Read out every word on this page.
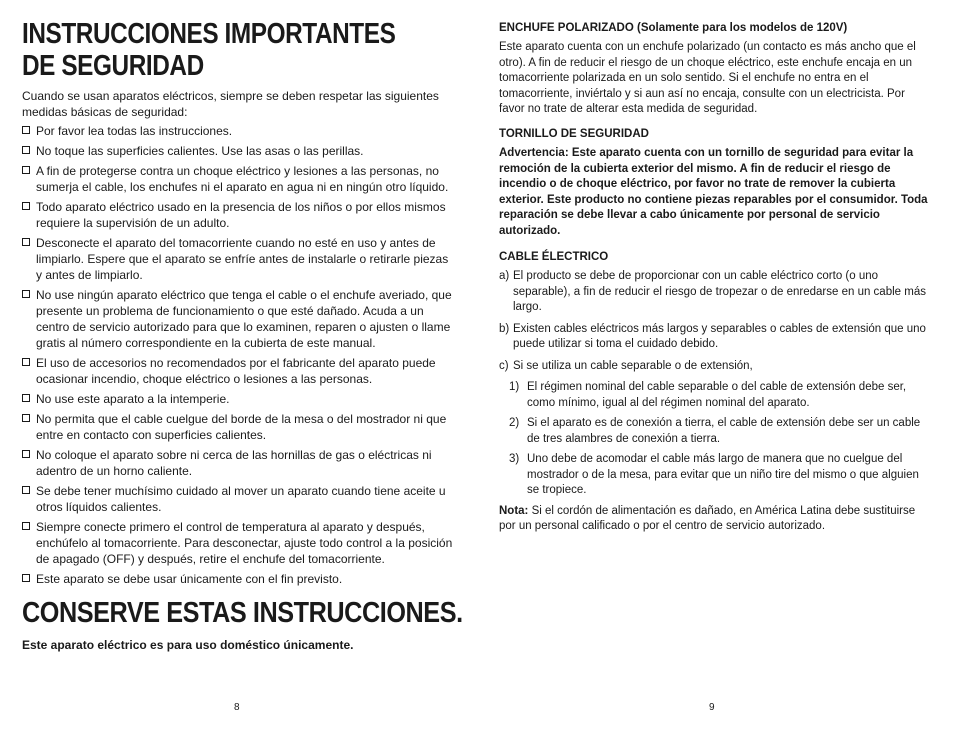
INSTRUCCIONES IMPORTANTES
DE SEGURIDAD

Cuando se usan aparatos eléctricos, siempre se deben respetar las siguientes medidas básicas de seguridad:

Por favor lea todas las instrucciones.
No toque las superficies calientes. Use las asas o las perillas.
A fin de protegerse contra un choque eléctrico y lesiones a las personas, no sumerja el cable, los enchufes ni el aparato en agua ni en ningún otro líquido.
Todo aparato eléctrico usado en la presencia de los niños o por ellos mismos requiere la supervisión de un adulto.
Desconecte el aparato del tomacorriente cuando no esté en uso y antes de limpiarlo. Espere que el aparato se enfríe antes de instalarle o retirarle piezas y antes de limpiarlo.
No use ningún aparato eléctrico que tenga el cable o el enchufe averiado, que presente un problema de funcionamiento o que esté dañado. Acuda a un centro de servicio autorizado para que lo examinen, reparen o ajusten o llame gratis al número correspondiente en la cubierta de este manual.
El uso de accesorios no recomendados por el fabricante del aparato puede ocasionar incendio, choque eléctrico o lesiones a las personas.
No use este aparato a la intemperie.
No permita que el cable cuelgue del borde de la mesa o del mostrador ni que entre en contacto con superficies calientes.
No coloque el aparato sobre ni cerca de las hornillas de gas o eléctricas ni adentro de un horno caliente.
Se debe tener muchísimo cuidado al mover un aparato cuando tiene aceite u otros líquidos calientes.
Siempre conecte primero el control de temperatura al aparato y después, enchúfelo al tomacorriente. Para desconectar, ajuste todo control a la posición de apagado (OFF) y después, retire el enchufe del tomacorriente.
Este aparato se debe usar únicamente con el fin previsto.
CONSERVE ESTAS INSTRUCCIONES.
Este aparato eléctrico es para uso doméstico únicamente.
8

ENCHUFE POLARIZADO (Solamente para los modelos de 120V)

Este aparato cuenta con un enchufe polarizado (un contacto es más ancho que el otro). A fin de reducir el riesgo de un choque eléctrico, este enchufe encaja en un tomacorriente polarizada en un solo sentido. Si el enchufe no entra en el tomacorriente, inviértalo y si aun así no encaja, consulte con un electricista. Por favor no trate de alterar esta medida de seguridad.

TORNILLO DE SEGURIDAD

Advertencia: Este aparato cuenta con un tornillo de seguridad para evitar la remoción de la cubierta exterior del mismo. A fin de reducir el riesgo de incendio o de choque eléctrico, por favor no trate de remover la cubierta exterior. Este producto no contiene piezas reparables por el consumidor. Toda reparación se debe llevar a cabo únicamente por personal de servicio autorizado.

CABLE ÉLECTRICO

a) El producto se debe de proporcionar con un cable eléctrico corto (o uno separable), a fin de reducir el riesgo de tropezar o de enredarse en un cable más largo.
b) Existen cables eléctricos más largos y separables o cables de extensión que uno puede utilizar si toma el cuidado debido.
c) Si se utiliza un cable separable o de extensión,
1) El régimen nominal del cable separable o del cable de extensión debe ser, como mínimo, igual al del régimen nominal del aparato.
2) Si el aparato es de conexión a tierra, el cable de extensión debe ser un cable de tres alambres de conexión a tierra.
3) Uno debe de acomodar el cable más largo de manera que no cuelgue del mostrador o de la mesa, para evitar que un niño tire del mismo o que alguien se tropiece.

Nota: Si el cordón de alimentación es dañado, en América Latina debe sustituirse por un personal calificado o por el centro de servicio autorizado.

9
